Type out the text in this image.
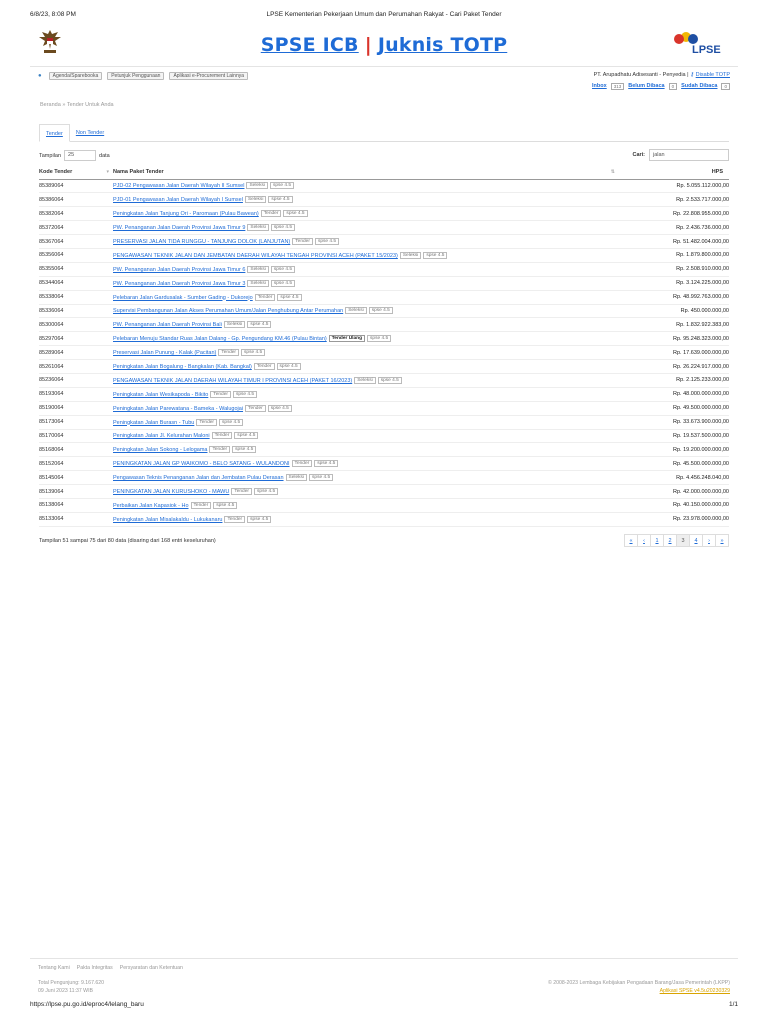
6/8/23, 8:08 PM	LPSE Kementerian Pekerjaan Umum dan Perumahan Rakyat - Cari Paket Tender
SPSE ICB | Juknis TOTP	LPSE
●	Agenda/Sparebooka	Petunjuk Penggunaan	Aplikasi e-Procurement Lainnya	PT. Arupadhatu Adisesanti - Penyedia | ⚷ Disable TOTP
Inbox	313	Belum Dibaca	0	Sudah Dibaca	0
Beranda » Tender Untuk Anda
Tender	Non Tender
Tampilan	25	data	Cari:	jalan
Kode Tender ▾	Nama Paket Tender ⇅	HPS
85389064	PJD-02 Pengawasan Jalan Daerah Wilayah II Sumsel Seleksi spse 4.5	Rp. 5.055.112.000,00
85386064	PJD-01 Pengawasan Jalan Daerah Wilayah I Sumsel Seleksi spse 4.5	Rp. 2.533.717.000,00
85382064	Peningkatan Jalan Tanjung Ori - Paromaan (Pulau Bawean) Tender spse 4.5	Rp. 22.808.955.000,00
85372064	PW. Penanganan Jalan Daerah Provinsi Jawa Timur 9 Seleksi spse 4.5	Rp. 2.436.736.000,00
85367064	PRESERVASI JALAN TIDA RUNGGU - TANJUNG DOLOK (LANJUTAN) Tender spse 4.5	Rp. 51.482.004.000,00
85356064	PENGAWASAN TEKNIK JALAN DAN JEMBATAN DAERAH WILAYAH TENGAH PROVINSI ACEH (PAKET 15/2023) Seleksi spse 4.5	Rp. 1.879.800.000,00
85355064	PW. Penanganan Jalan Daerah Provinsi Jawa Timur 6 Seleksi spse 4.5	Rp. 2.508.910.000,00
85344064	PW. Penanganan Jalan Daerah Provinsi Jawa Timur 3 Seleksi spse 4.5	Rp. 3.124.225.000,00
85338064	Pelebaran Jalan Gardusalak - Sumber Gading - Dukorejo Tender spse 4.5	Rp. 48.992.763.000,00
85336064	Supervisi Pembangunan Jalan Akses Perumahan Umum/Jalan Penghubung Antar Perumahan Seleksi spse 4.5	Rp. 450.000.000,00
85300064	PW. Penanganan Jalan Daerah Provinsi Bali Seleksi spse 4.5	Rp. 1.832.922.383,00
85297064	Pelebaran Menuju Standar Ruas Jalan Dalang - Gp. Pengundang KM.46 (Pulau Bintan) Tender Ulang spse 4.5	Rp. 95.248.323.000,00
85289064	Preservasi Jalan Punung - Kalak (Pacitan) Tender spse 4.5	Rp. 17.639.000.000,00
85261064	Peningkatan Jalan Bogalung - Bangkalan (Kab. Bangkal) Tender spse 4.5	Rp. 26.224.917.000,00
85236064	PENGAWASAN TEKNIK JALAN DAERAH WILAYAH TIMUR I PROVINSI ACEH (PAKET 16/2023) Seleksi spse 4.5	Rp. 2.125.233.000,00
85193064	Peningkatan Jalan Wesikapoda - Bikito Tender spse 4.5	Rp. 48.000.000.000,00
85190064	Peningkatan Jalan Parewatana - Bameka - Walugojai Tender spse 4.5	Rp. 49.500.000.000,00
85173064	Peningkatan Jalan Burasn - Tubu Tender spse 4.5	Rp. 33.673.900.000,00
85170064	Peningkatan Jalan Jl. Kelurahan Maloni Tender spse 4.5	Rp. 19.537.500.000,00
85168064	Peningkatan Jalan Sokong - Lelogama Tender spse 4.5	Rp. 19.200.000.000,00
85152064	PENINGKATAN JALAN GP WAIKOMO - BELO SATANG - WULANDONI Tender spse 4.5	Rp. 45.500.000.000,00
85145064	Pengawasan Teknis Penanganan Jalan dan Jembatan Pulau Derasan Seleksi spse 4.5	Rp. 4.456.248.040,00
85139064	PENINGKATAN JALAN KURUSHOKO - MAWU Tender spse 4.5	Rp. 42.000.000.000,00
85138064	Perbaikan Jalan Kapasiok - Ho Tender spse 4.5	Rp. 40.150.000.000,00
85133064	Peningkatan Jalan Misalakaldu - Lukukanaru Tender spse 4.5	Rp. 23.978.000.000,00
Tampilan 51 sampai 75 dari 80 data (disaring dari 168 entri keseluruhan)	«	‹	1	2	3	4	›	»
Tentang Kami Pakta Integritas Persyaratan dan Ketentuan
Total Pengunjung: 9.167.620
09 Juni 2023 11:37 WIB
© 2008-2023 Lembaga Kebijakan Pengadaan Barang/Jasa Pemerintah (LKPP)
Aplikasi SPSE v4.5u20230329
https://lpse.pu.go.id/eproc4/lelang_baru	1/1
